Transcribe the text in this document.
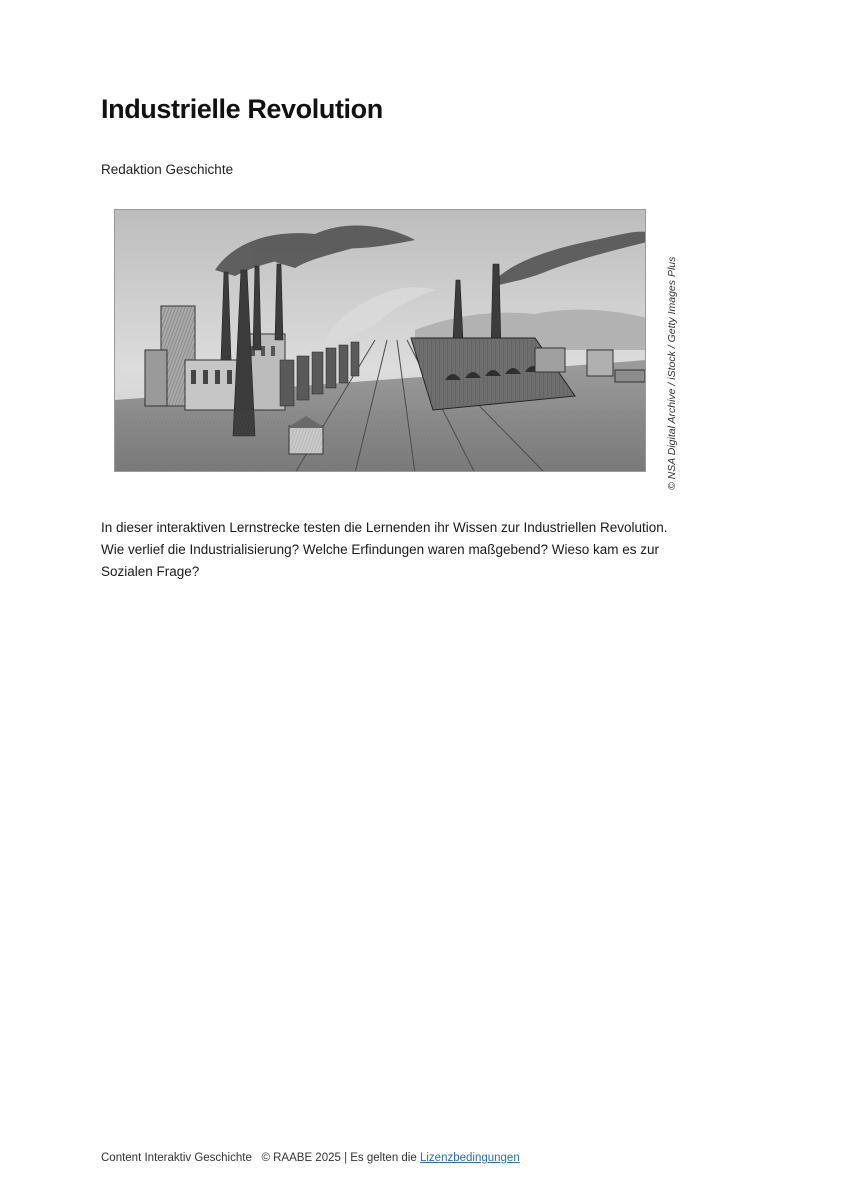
Industrielle Revolution
Redaktion Geschichte
© NSA Digital Archive / iStock / Getty Images Plus

In dieser interaktiven Lernstrecke testen die Lernenden ihr Wissen zur Industriellen Revolution. Wie verlief die Industrialisierung? Welche Erfindungen waren maßgebend? Wieso kam es zur Sozialen Frage?

Content Interaktiv Geschichte © RAABE 2025 | Es gelten die Lizenzbedingungen
